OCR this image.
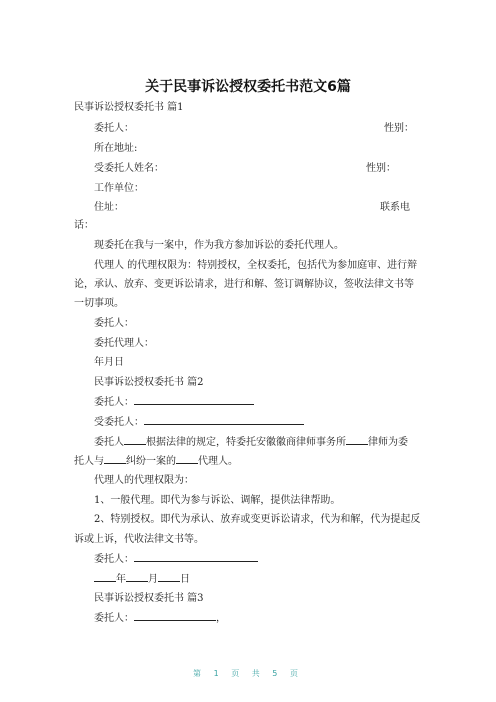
关于民事诉讼授权委托书范文6篇
民事诉讼授权委托书 篇1
委托人：	性别：
所在地址:
受委托人姓名：	性别：
工作单位：
住址：	联系电
话：
现委托在我与一案中，作为我方参加诉讼的委托代理人。
代理人 的代理权限为：特别授权，全权委托，包括代为参加庭审、进行辩
论，承认、放弃、变更诉讼请求，进行和解、签订调解协议，签收法律文书等
一切事项。
委托人：
委托代理人：
年月日
民事诉讼授权委托书 篇2
委托人：
受委托人：
委托人 根据法律的规定，特委托安徽徽商律师事务所 律师为委
托人与 纠纷一案的 代理人。
代理人的代理权限为：
1、一般代理。即代为参与诉讼、调解，提供法律帮助。
2、特别授权。即代为承认、放弃或变更诉讼请求，代为和解，代为提起反
诉或上诉，代收法律文书等。
委托人：
年 月 日
民事诉讼授权委托书 篇3
委托人：	，
第 1 页 共 5 页
